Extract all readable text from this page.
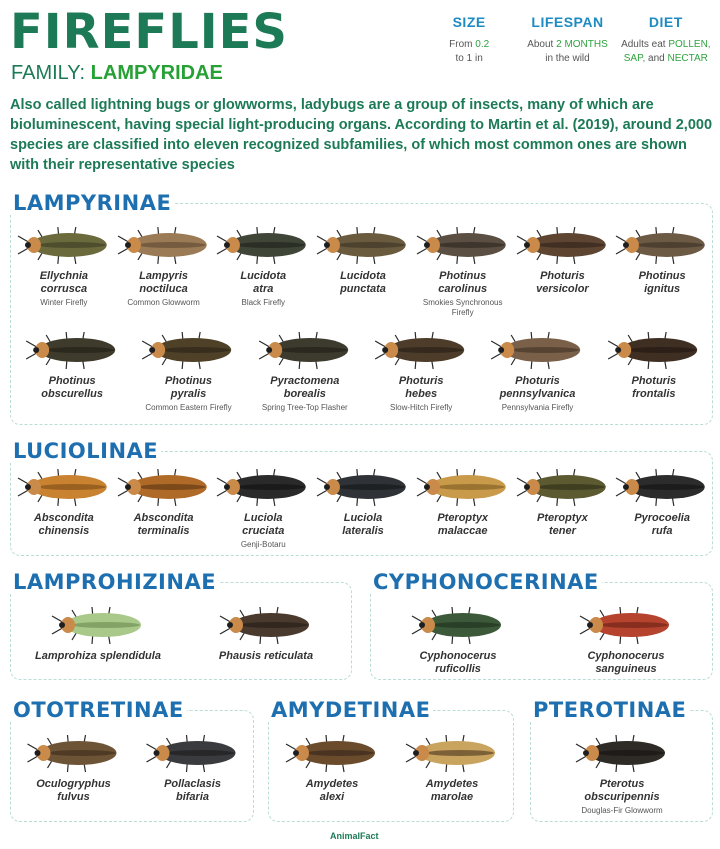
FIREFLIES
FAMILY: LAMPYRIDAE
SIZE

From 0.2
to 1 in

LIFESPAN

About 2 MONTHS
in the wild

DIET

Adults eat POLLEN,
SAP, and NECTAR

Also called lightning bugs or glowworms, ladybugs are a group of insects, many of which are bioluminescent, having special light-producing organs. According to Martin et al. (2019), around 2,000 species are classified into eleven recognized subfamilies, of which most common ones are shown with their representative species
LAMPYRINAE
LUCIOLINAE
LAMPROHIZINAE	CYPHONOCERINAE
OTOTRETINAE	AMYDETINAE	PTEROTINAE
Ellychnia
corrusca
Winter Firefly
Lampyris
noctiluca
Common Glowworm
Lucidota
atra
Black Firefly
Lucidota
punctata
Photinus
carolinus
Smokies Synchronous Firefly
Photuris
versicolor
Photinus
ignitus
Photinus
obscurellus
Photinus
pyralis
Common Eastern Firefly
Pyractomena
borealis
Spring Tree-Top Flasher
Photuris
hebes
Slow-Hitch Firefly
Photuris
pennsylvanica
Pennsylvania Firefly
Photuris
frontalis
Abscondita
chinensis
Abscondita
terminalis
Luciola
cruciata
Genji-Botaru
Luciola
lateralis
Pteroptyx
malaccae
Pteroptyx
tener
Pyrocoelia
rufa
Lamprohiza splendidula	Phausis reticulata	Cyphonocerus
ruficollis
Cyphonocerus
sanguineus
Oculogryphus
fulvus
Pollaclasis
bifaria
Amydetes
alexi
Amydetes
marolae
Pterotus
obscuripennis
Douglas-Fir Glowworm
AnimalFact
